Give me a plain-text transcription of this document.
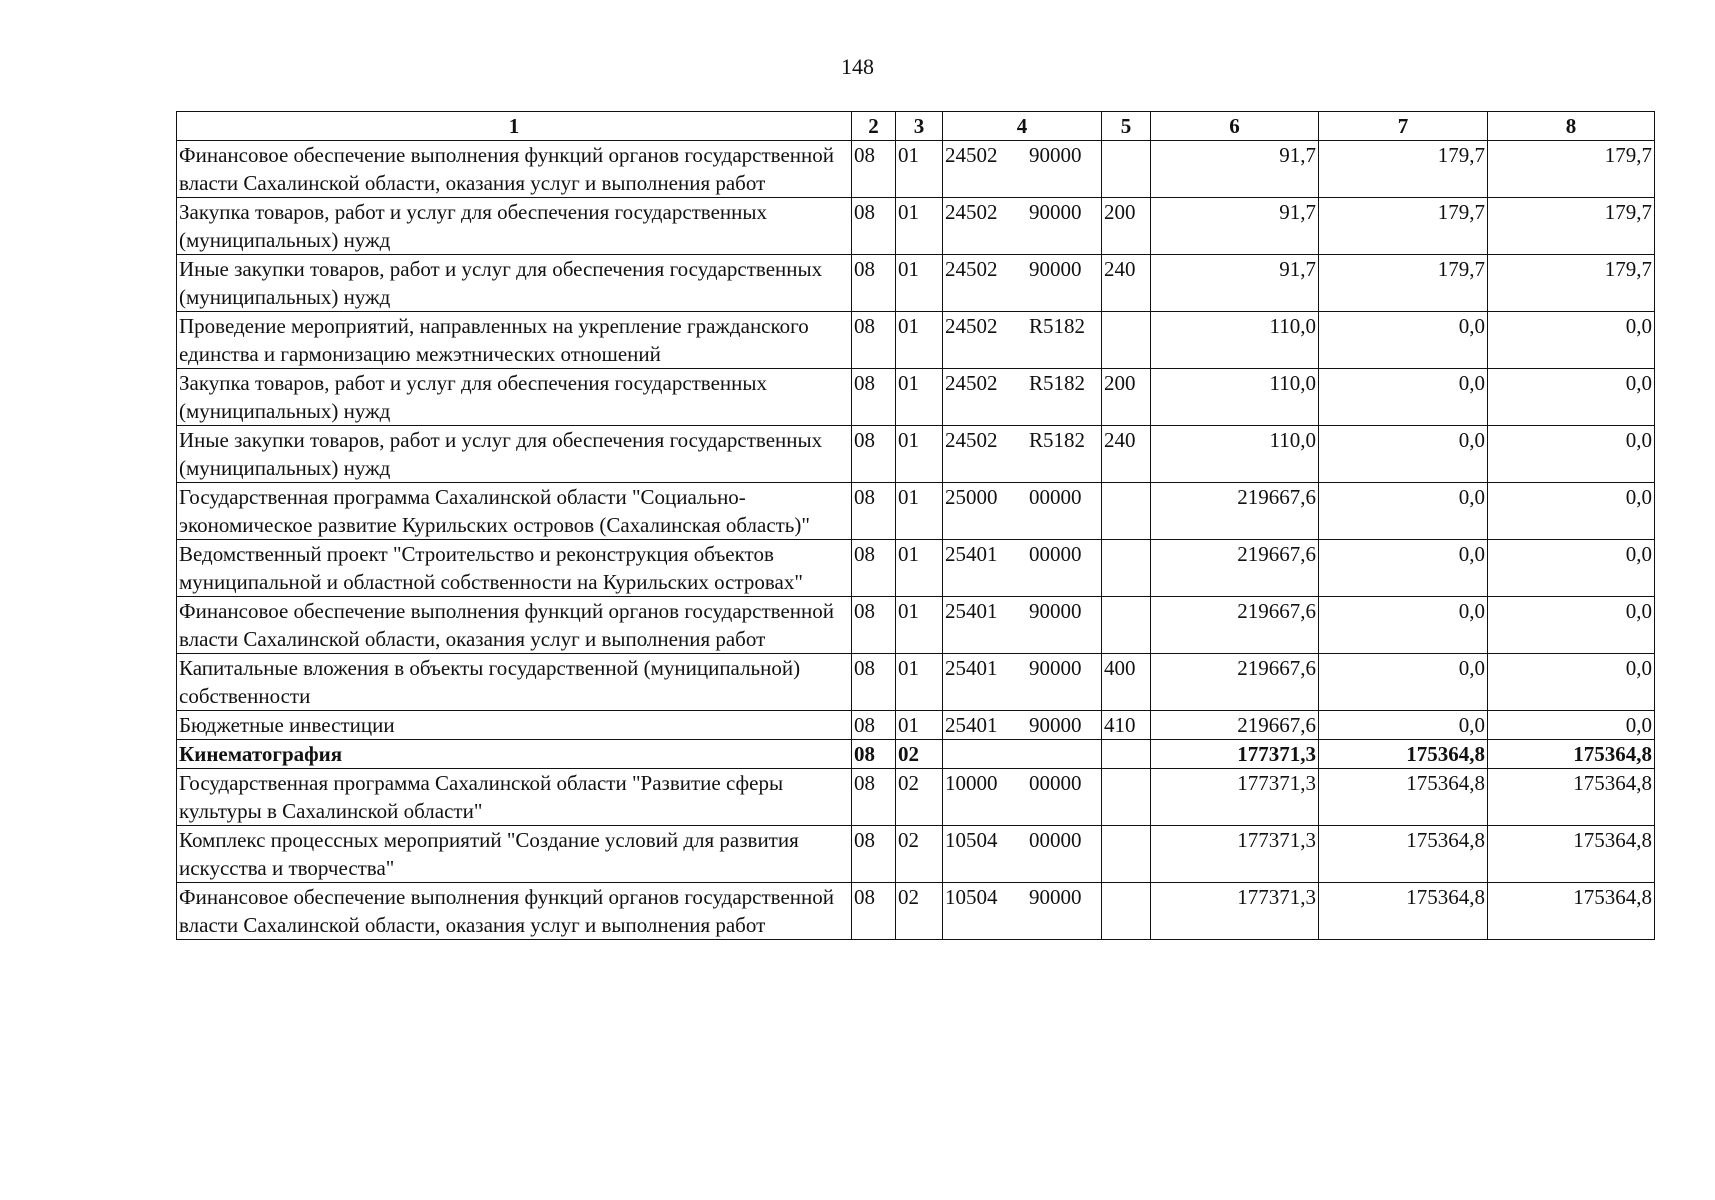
148
1	2	3	4	5	6	7	8
Финансовое обеспечение выполнения функций органов государственной власти Сахалинской области, оказания услуг и выполнения работ	08	01	24502 90000		91,7	179,7	179,7
Закупка товаров, работ и услуг для обеспечения государственных (муниципальных) нужд	08	01	24502 90000	200	91,7	179,7	179,7
Иные закупки товаров, работ и услуг для обеспечения государственных (муниципальных) нужд	08	01	24502 90000	240	91,7	179,7	179,7
Проведение мероприятий, направленных на укрепление гражданского единства и гармонизацию межэтнических отношений	08	01	24502 R5182		110,0	0,0	0,0
Закупка товаров, работ и услуг для обеспечения государственных (муниципальных) нужд	08	01	24502 R5182	200	110,0	0,0	0,0
Иные закупки товаров, работ и услуг для обеспечения государственных (муниципальных) нужд	08	01	24502 R5182	240	110,0	0,0	0,0
Государственная программа Сахалинской области "Социально-экономическое развитие Курильских островов (Сахалинская область)"	08	01	25000 00000		219667,6	0,0	0,0
Ведомственный проект "Строительство и реконструкция объектов муниципальной и областной собственности на Курильских островах"	08	01	25401 00000		219667,6	0,0	0,0
Финансовое обеспечение выполнения функций органов государственной власти Сахалинской области, оказания услуг и выполнения работ	08	01	25401 90000		219667,6	0,0	0,0
Капитальные вложения в объекты государственной (муниципальной) собственности	08	01	25401 90000	400	219667,6	0,0	0,0
Бюджетные инвестиции	08	01	25401 90000	410	219667,6	0,0	0,0
Кинематография	08	02			177371,3	175364,8	175364,8
Государственная программа Сахалинской области "Развитие сферы культуры в Сахалинской области"	08	02	10000 00000		177371,3	175364,8	175364,8
Комплекс процессных мероприятий "Создание условий для развития искусства и творчества"	08	02	10504 00000		177371,3	175364,8	175364,8
Финансовое обеспечение выполнения функций органов государственной власти Сахалинской области, оказания услуг и выполнения работ	08	02	10504 90000		177371,3	175364,8	175364,8
